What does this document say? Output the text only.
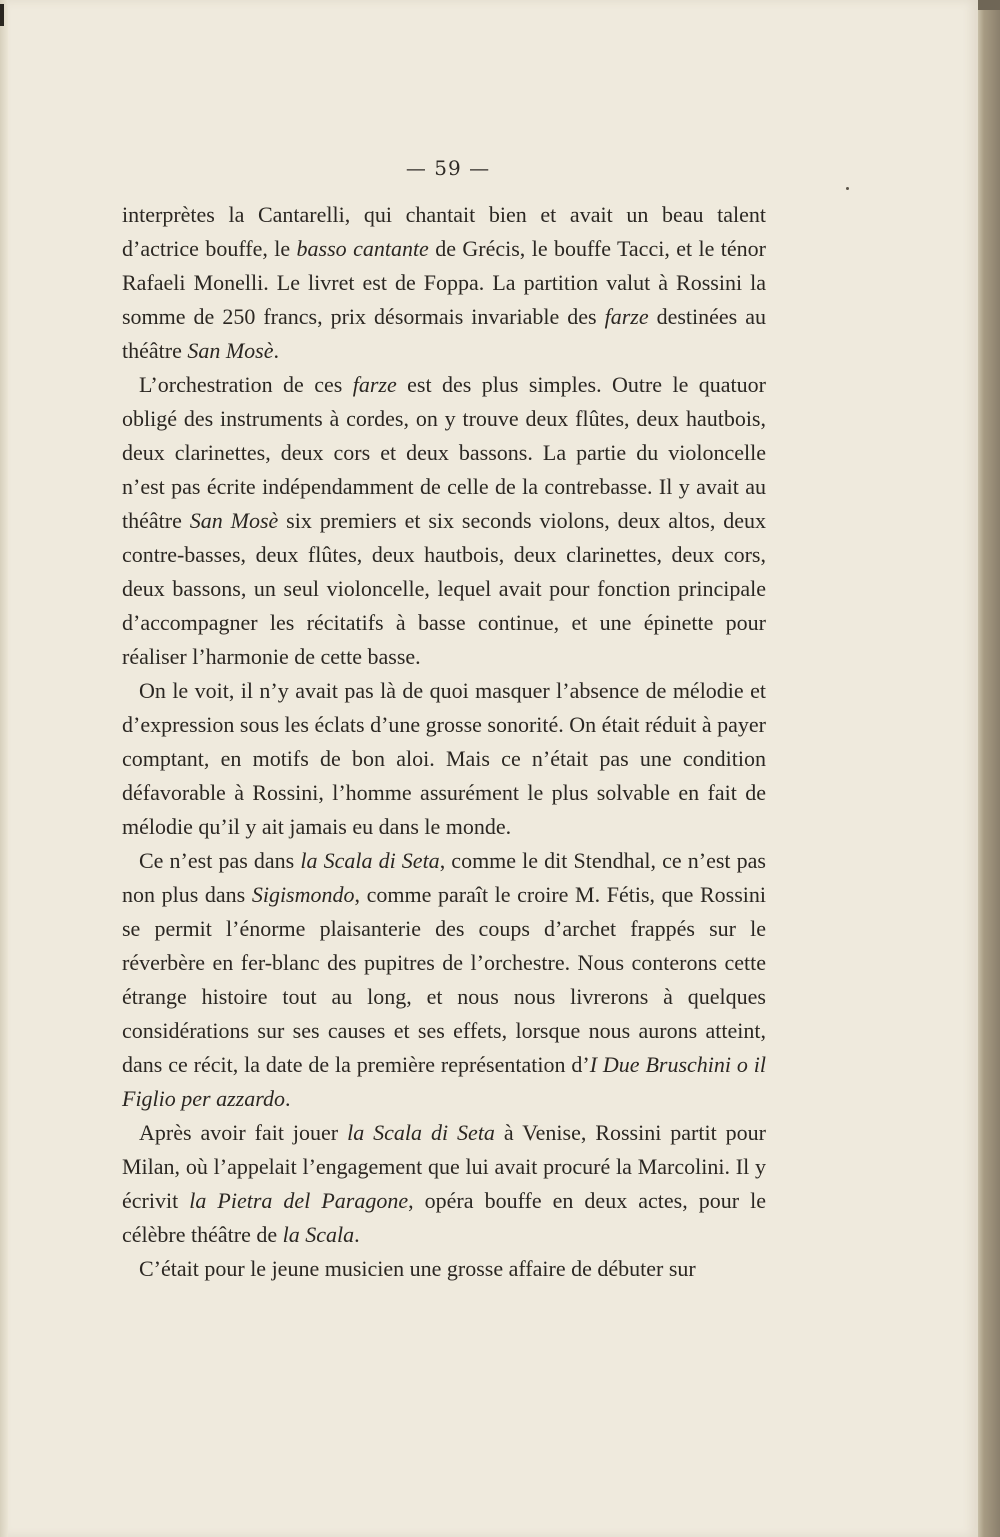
— 59 —

interprètes la Cantarelli, qui chantait bien et avait un beau talent d’actrice bouffe, le basso cantante de Grécis, le bouffe Tacci, et le ténor Rafaeli Monelli. Le livret est de Foppa. La partition valut à Rossini la somme de 250 francs, prix désormais invariable des farze destinées au théâtre San Mosè.

L’orchestration de ces farze est des plus simples. Outre le quatuor obligé des instruments à cordes, on y trouve deux flûtes, deux hautbois, deux clarinettes, deux cors et deux bassons. La partie du violoncelle n’est pas écrite indépendamment de celle de la contrebasse. Il y avait au théâtre San Mosè six premiers et six seconds violons, deux altos, deux contre-basses, deux flûtes, deux hautbois, deux clarinettes, deux cors, deux bassons, un seul violoncelle, lequel avait pour fonction principale d’accompagner les récitatifs à basse continue, et une épinette pour réaliser l’harmonie de cette basse.

On le voit, il n’y avait pas là de quoi masquer l’absence de mélodie et d’expression sous les éclats d’une grosse sonorité. On était réduit à payer comptant, en motifs de bon aloi. Mais ce n’était pas une condition défavorable à Rossini, l’homme assurément le plus solvable en fait de mélodie qu’il y ait jamais eu dans le monde.

Ce n’est pas dans la Scala di Seta, comme le dit Stendhal, ce n’est pas non plus dans Sigismondo, comme paraît le croire M. Fétis, que Rossini se permit l’énorme plaisanterie des coups d’archet frappés sur le réverbère en fer-blanc des pupitres de l’orchestre. Nous conterons cette étrange histoire tout au long, et nous nous livrerons à quelques considérations sur ses causes et ses effets, lorsque nous aurons atteint, dans ce récit, la date de la première représentation d’I Due Bruschini o il Figlio per azzardo.

Après avoir fait jouer la Scala di Seta à Venise, Rossini partit pour Milan, où l’appelait l’engagement que lui avait procuré la Marcolini. Il y écrivit la Pietra del Paragone, opéra bouffe en deux actes, pour le célèbre théâtre de la Scala.

C’était pour le jeune musicien une grosse affaire de débuter sur
